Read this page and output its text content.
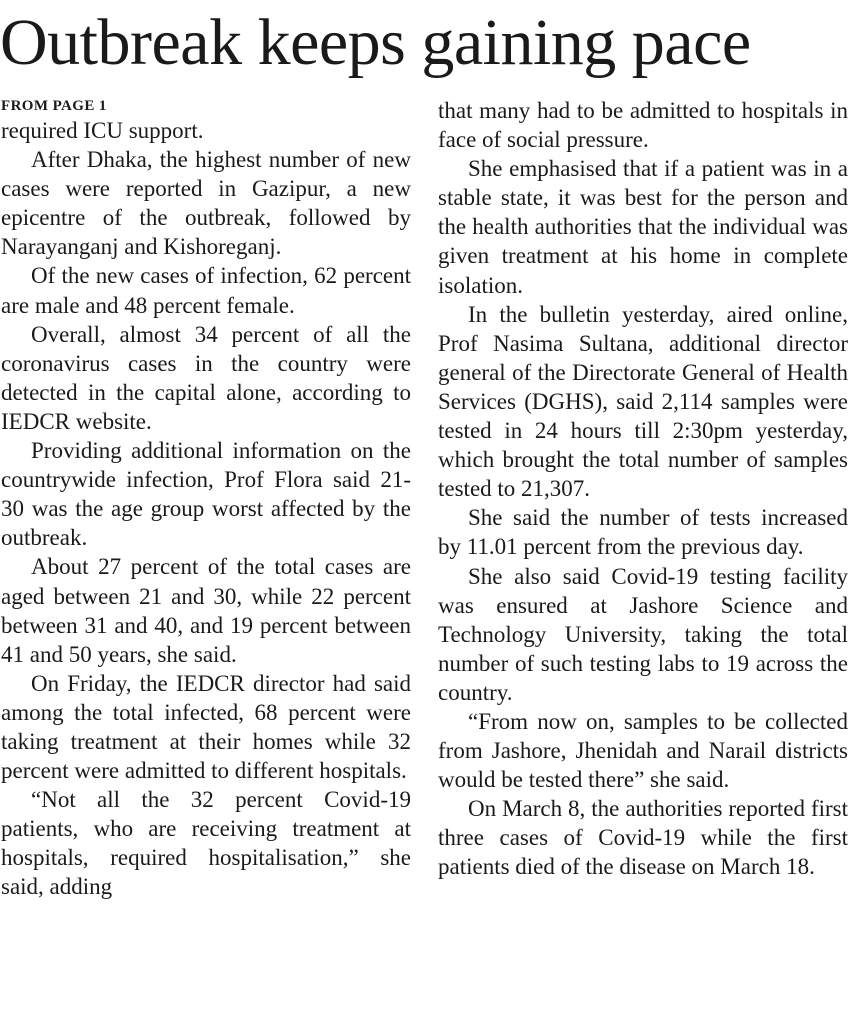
Outbreak keeps gaining pace
FROM PAGE 1

required ICU support.

After Dhaka, the highest number of new cases were reported in Gazipur, a new epicentre of the outbreak, followed by Narayanganj and Kishoreganj.

Of the new cases of infection, 62 percent are male and 48 percent female.

Overall, almost 34 percent of all the coronavirus cases in the country were detected in the capital alone, according to IEDCR website.

Providing additional information on the countrywide infection, Prof Flora said 21-30 was the age group worst affected by the outbreak.

About 27 percent of the total cases are aged between 21 and 30, while 22 percent between 31 and 40, and 19 percent between 41 and 50 years, she said.

On Friday, the IEDCR director had said among the total infected, 68 percent were taking treatment at their homes while 32 percent were admitted to different hospitals.

“Not all the 32 percent Covid-19 patients, who are receiving treatment at hospitals, required hospitalisation,” she said, adding

that many had to be admitted to hospitals in face of social pressure.

She emphasised that if a patient was in a stable state, it was best for the person and the health authorities that the individual was given treatment at his home in complete isolation.

In the bulletin yesterday, aired online, Prof Nasima Sultana, additional director general of the Directorate General of Health Services (DGHS), said 2,114 samples were tested in 24 hours till 2:30pm yesterday, which brought the total number of samples tested to 21,307.

She said the number of tests increased by 11.01 percent from the previous day.

She also said Covid-19 testing facility was ensured at Jashore Science and Technology University, taking the total number of such testing labs to 19 across the country.

“From now on, samples to be collected from Jashore, Jhenidah and Narail districts would be tested there” she said.

On March 8, the authorities reported first three cases of Covid-19 while the first patients died of the disease on March 18.
